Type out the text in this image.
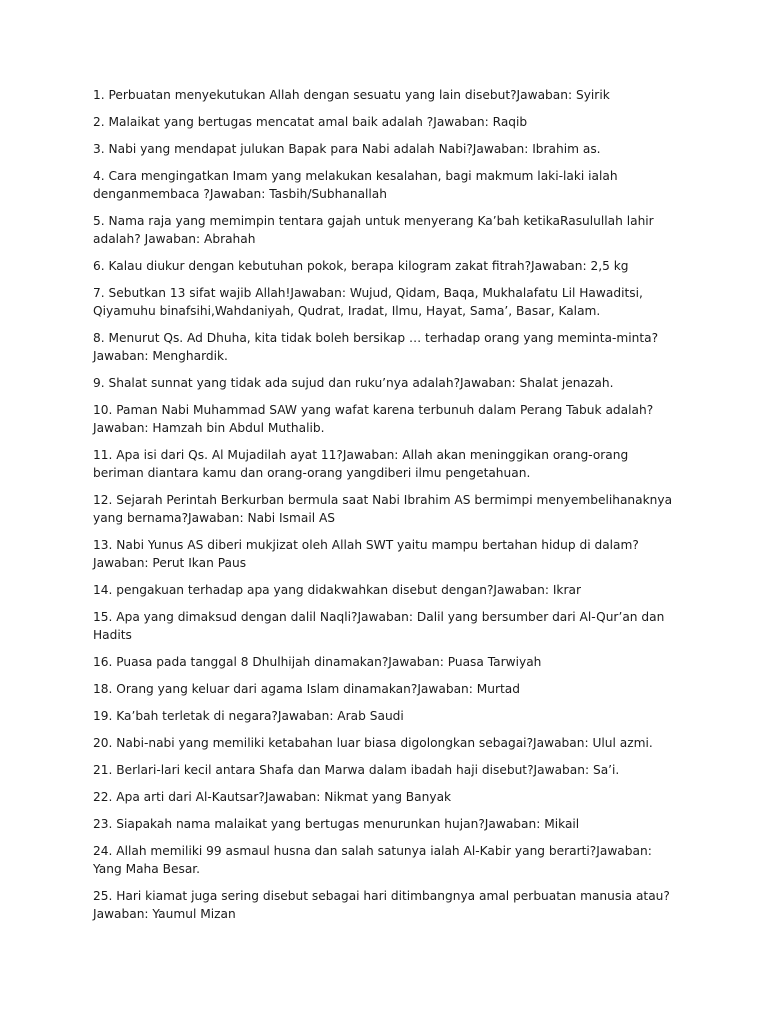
1. Perbuatan menyekutukan Allah dengan sesuatu yang lain disebut?Jawaban: Syirik

2. Malaikat yang bertugas mencatat amal baik adalah ?Jawaban: Raqib

3. Nabi yang mendapat julukan Bapak para Nabi adalah Nabi?Jawaban: Ibrahim as.

4. Cara mengingatkan Imam yang melakukan kesalahan, bagi makmum laki-laki ialah denganmembaca ?Jawaban: Tasbih/Subhanallah

5. Nama raja yang memimpin tentara gajah untuk menyerang Ka’bah ketikaRasulullah lahir adalah? Jawaban: Abrahah

6. Kalau diukur dengan kebutuhan pokok, berapa kilogram zakat fitrah?Jawaban: 2,5 kg

7. Sebutkan 13 sifat wajib Allah!Jawaban: Wujud, Qidam, Baqa, Mukhalafatu Lil Hawaditsi, Qiyamuhu binafsihi,Wahdaniyah, Qudrat, Iradat, Ilmu, Hayat, Sama’, Basar, Kalam.

8. Menurut Qs. Ad Dhuha, kita tidak boleh bersikap … terhadap orang yang meminta-minta? Jawaban: Menghardik.

9. Shalat sunnat yang tidak ada sujud dan ruku’nya adalah?Jawaban: Shalat jenazah.

10. Paman Nabi Muhammad SAW yang wafat karena terbunuh dalam Perang Tabuk adalah? Jawaban: Hamzah bin Abdul Muthalib.

11. Apa isi dari Qs. Al Mujadilah ayat 11?Jawaban: Allah akan meninggikan orang-orang beriman diantara kamu dan orang-orang yangdiberi ilmu pengetahuan.

12. Sejarah Perintah Berkurban bermula saat Nabi Ibrahim AS bermimpi menyembelihanaknya yang bernama?Jawaban: Nabi Ismail AS

13. Nabi Yunus AS diberi mukjizat oleh Allah SWT yaitu mampu bertahan hidup di dalam?Jawaban: Perut Ikan Paus

14. pengakuan terhadap apa yang didakwahkan disebut dengan?Jawaban: Ikrar

15. Apa yang dimaksud dengan dalil Naqli?Jawaban: Dalil yang bersumber dari Al-Qur’an dan Hadits

16. Puasa pada tanggal 8 Dhulhijah dinamakan?Jawaban: Puasa Tarwiyah

18. Orang yang keluar dari agama Islam dinamakan?Jawaban: Murtad

19. Ka’bah terletak di negara?Jawaban: Arab Saudi

20. Nabi-nabi yang memiliki ketabahan luar biasa digolongkan sebagai?Jawaban: Ulul azmi.

21. Berlari-lari kecil antara Shafa dan Marwa dalam ibadah haji disebut?Jawaban: Sa’i.

22. Apa arti dari Al-Kautsar?Jawaban: Nikmat yang Banyak

23. Siapakah nama malaikat yang bertugas menurunkan hujan?Jawaban: Mikail

24. Allah memiliki 99 asmaul husna dan salah satunya ialah Al-Kabir yang berarti?Jawaban: Yang Maha Besar.

25. Hari kiamat juga sering disebut sebagai hari ditimbangnya amal perbuatan manusia atau? Jawaban: Yaumul Mizan
